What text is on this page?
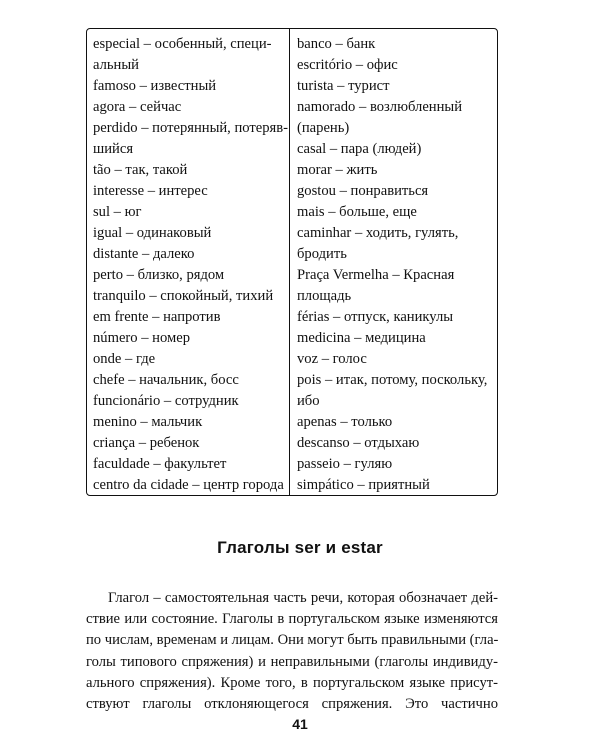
especial – особенный, специ-
альный
famoso – известный
agora – сейчас
perdido – потерянный, потеряв-
шийся
tão – так, такой
interesse – интерес
sul – юг
igual – одинаковый
distante – далеко
perto – близко, рядом
tranquilo – спокойный, тихий
em frente – напротив
número – номер
onde – где
chefe – начальник, босс
funcionário – сотрудник
menino – мальчик
criança – ребенок
faculdade – факультет
centro da cidade – центр города
banco – банк
escritório – офис
turista – турист
namorado – возлюбленный
(парень)
casal – пара (людей)
morar – жить
gostou – понравиться
mais – больше, еще
caminhar – ходить, гулять,
бродить
Praça Vermelha – Красная
площадь
férias – отпуск, каникулы
medicina – медицина
voz – голос
pois – итак, потому, поскольку,
ибо
apenas – только
descanso – отдыхаю
passeio – гуляю
simpático – приятный
Глаголы ser и estar
Глагол – самостоятельная часть речи, которая обозначает дей-
ствие или состояние. Глаголы в португальском языке изменяются
по числам, временам и лицам. Они могут быть правильными (гла-
голы типового спряжения) и неправильными (глаголы индивиду-
ального спряжения). Кроме того, в португальском языке присут-
ствуют глаголы отклоняющегося спряжения. Это частично
41
